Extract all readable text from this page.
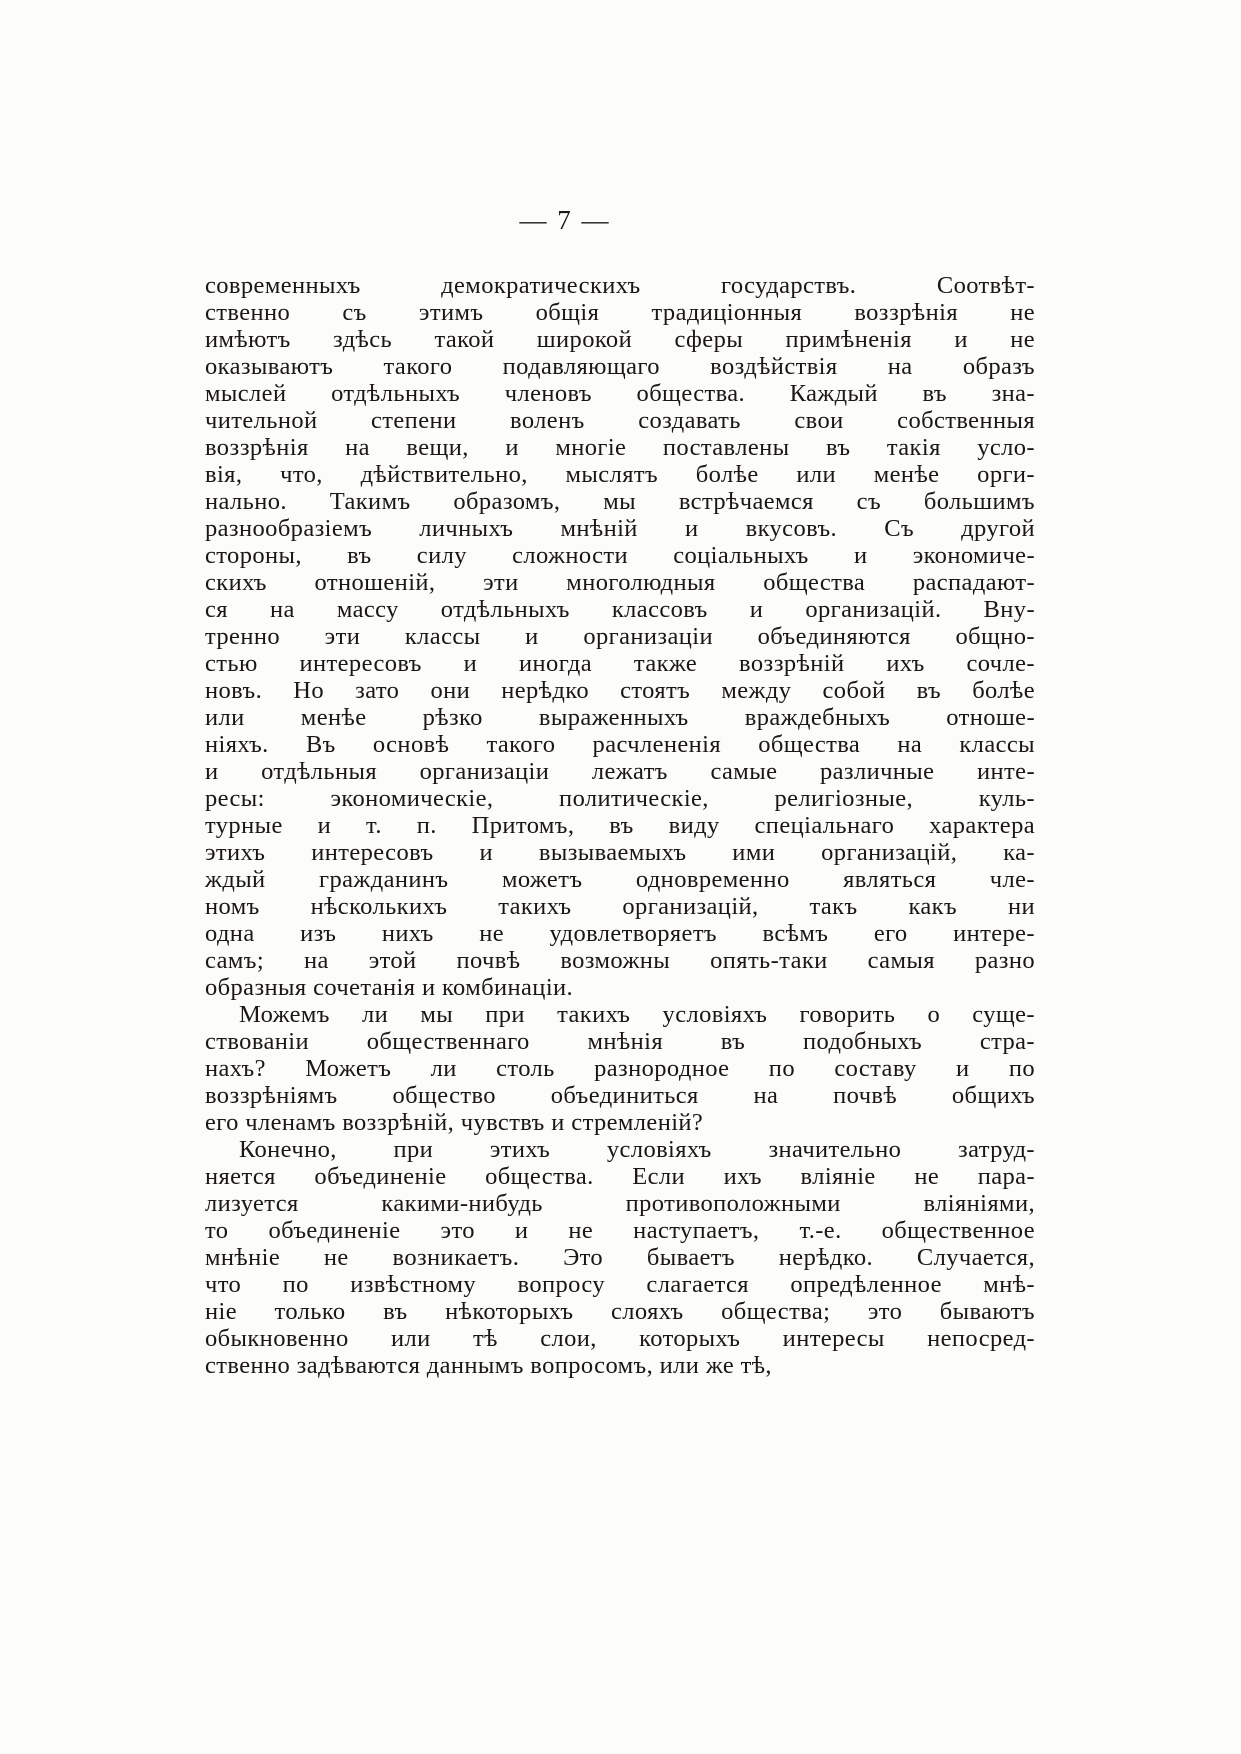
— 7 —
современныхъ демократическихъ государствъ. Соотвѣт-
ственно съ этимъ общія традиціонныя воззрѣнія не
имѣютъ здѣсь такой широкой сферы примѣненія и не
оказываютъ такого подавляющаго воздѣйствія на образъ
мыслей отдѣльныхъ членовъ общества. Каждый въ зна-
чительной степени воленъ создавать свои собственныя
воззрѣнія на вещи, и многіе поставлены въ такія усло-
вія, что, дѣйствительно, мыслятъ болѣе или менѣе орги-
нально. Такимъ образомъ, мы встрѣчаемся съ большимъ
разнообразіемъ личныхъ мнѣній и вкусовъ. Съ другой
стороны, въ силу сложности соціальныхъ и экономиче-
скихъ отношеній, эти многолюдныя общества распадают-
ся на массу отдѣльныхъ классовъ и организацій. Вну-
тренно эти классы и организаціи объединяются общно-
стью интересовъ и иногда также воззрѣній ихъ сочле-
новъ. Но зато они нерѣдко стоятъ между собой въ болѣе
или менѣе рѣзко выраженныхъ враждебныхъ отноше-
ніяхъ. Въ основѣ такого расчлененія общества на классы
и отдѣльныя организаціи лежатъ самые различные инте-
ресы: экономическіе, политическіе, религіозные, куль-
турные и т. п. Притомъ, въ виду спеціальнаго характера
этихъ интересовъ и вызываемыхъ ими организацій, ка-
ждый гражданинъ можетъ одновременно являться чле-
номъ нѣсколькихъ такихъ организацій, такъ какъ ни
одна изъ нихъ не удовлетворяетъ всѣмъ его интере-
самъ; на этой почвѣ возможны опять-таки самыя разно
образныя сочетанія и комбинаціи.
Можемъ ли мы при такихъ условіяхъ говорить о суще-
ствованіи общественнаго мнѣнія въ подобныхъ стра-
нахъ? Можетъ ли столь разнородное по составу и по
воззрѣніямъ общество объединиться на почвѣ общихъ
его членамъ воззрѣній, чувствъ и стремленій?
Конечно, при этихъ условіяхъ значительно затруд-
няется объединеніе общества. Если ихъ вліяніе не пара-
лизуется какими-нибудь противоположными вліяніями,
то объединеніе это и не наступаетъ, т.-е. общественное
мнѣніе не возникаетъ. Это бываетъ нерѣдко. Случается,
что по извѣстному вопросу слагается опредѣленное мнѣ-
ніе только въ нѣкоторыхъ слояхъ общества; это бываютъ
обыкновенно или тѣ слои, которыхъ интересы непосред-
ственно задѣваются даннымъ вопросомъ, или же тѣ,
